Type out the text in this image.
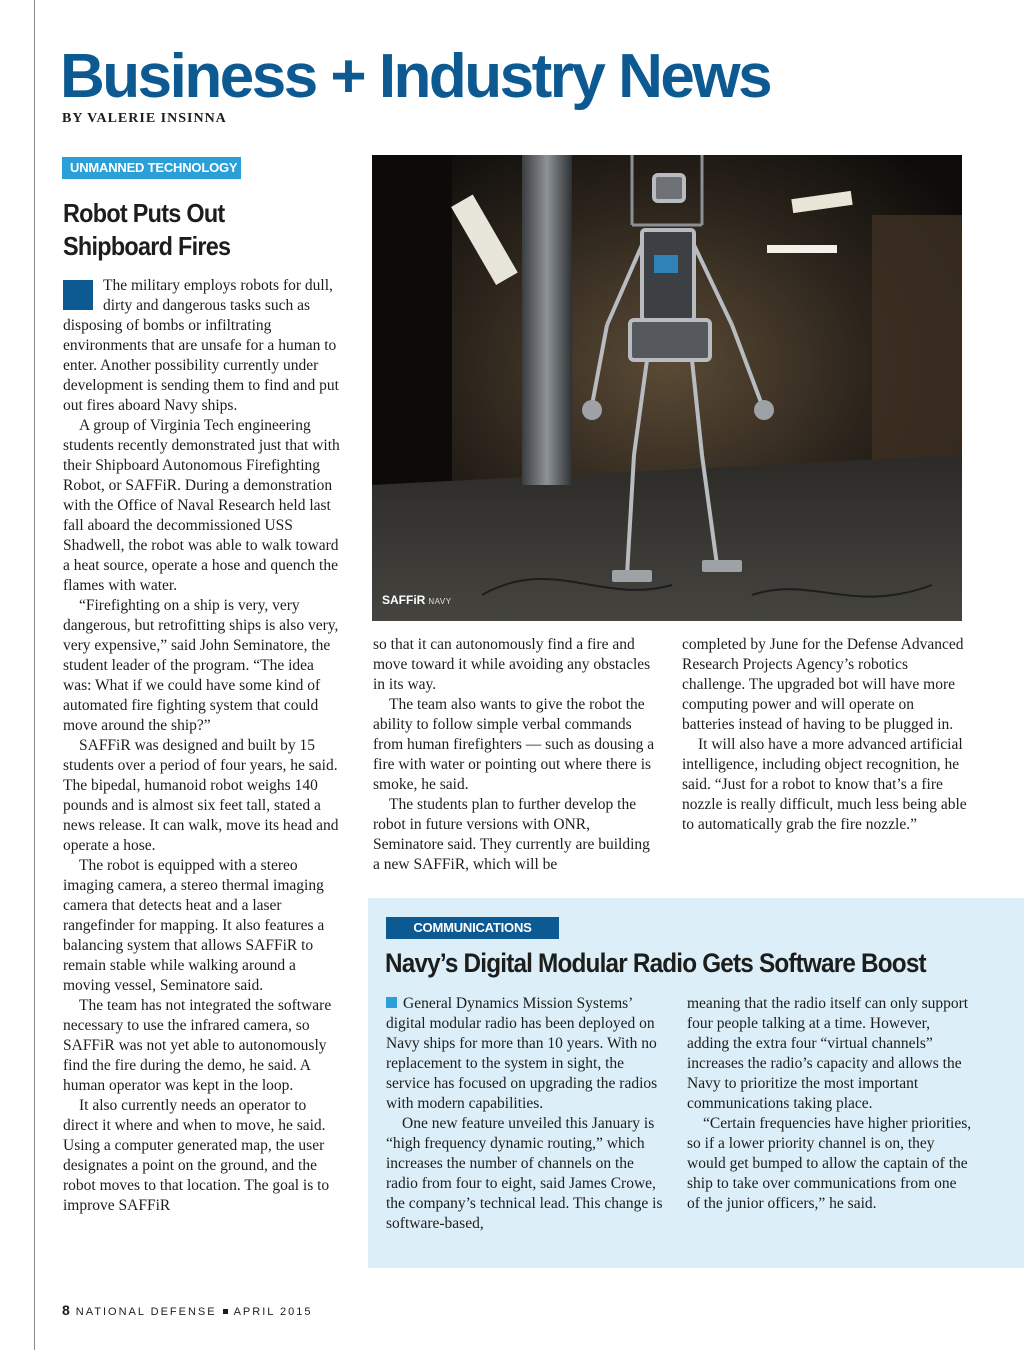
Business + Industry News
BY VALERIE INSINNA
UNMANNED TECHNOLOGY
Robot Puts Out Shipboard Fires

The military employs robots for dull, dirty and dangerous tasks such as disposing of bombs or infiltrating environments that are unsafe for a human to enter. Another possibility currently under development is sending them to find and put out fires aboard Navy ships.

A group of Virginia Tech engineering students recently demonstrated just that with their Shipboard Autonomous Firefighting Robot, or SAFFiR. During a demonstration with the Office of Naval Research held last fall aboard the decommissioned USS Shadwell, the robot was able to walk toward a heat source, operate a hose and quench the flames with water.

“Firefighting on a ship is very, very dangerous, but retrofitting ships is also very, very expensive,” said John Seminatore, the student leader of the program. “The idea was: What if we could have some kind of automated fire fighting system that could move around the ship?”

SAFFiR was designed and built by 15 students over a period of four years, he said. The bipedal, humanoid robot weighs 140 pounds and is almost six feet tall, stated a news release. It can walk, move its head and operate a hose.

The robot is equipped with a stereo imaging camera, a stereo thermal imaging camera that detects heat and a laser rangefinder for mapping. It also features a balancing system that allows SAFFiR to remain stable while walking around a moving vessel, Seminatore said.

The team has not integrated the software necessary to use the infrared camera, so SAFFiR was not yet able to autonomously find the fire during the demo, he said. A human operator was kept in the loop.

It also currently needs an operator to direct it where and when to move, he said. Using a computer generated map, the user designates a point on the ground, and the robot moves to that location. The goal is to improve SAFFiR

SAFFiR NAVY

so that it can autonomously find a fire and move toward it while avoiding any obstacles in its way.

The team also wants to give the robot the ability to follow simple verbal commands from human firefighters — such as dousing a fire with water or pointing out where there is smoke, he said.

The students plan to further develop the robot in future versions with ONR, Seminatore said. They currently are building a new SAFFiR, which will be

completed by June for the Defense Advanced Research Projects Agency’s robotics challenge. The upgraded bot will have more computing power and will operate on batteries instead of having to be plugged in.

It will also have a more advanced artificial intelligence, including object recognition, he said. “Just for a robot to know that’s a fire nozzle is really difficult, much less being able to automatically grab the fire nozzle.”

COMMUNICATIONS
Navy’s Digital Modular Radio Gets Software Boost

General Dynamics Mission Systems’ digital modular radio has been deployed on Navy ships for more than 10 years. With no replacement to the system in sight, the service has focused on upgrading the radios with modern capabilities.

One new feature unveiled this January is “high frequency dynamic routing,” which increases the number of channels on the radio from four to eight, said James Crowe, the company’s technical lead. This change is software-based,

meaning that the radio itself can only support four people talking at a time. However, adding the extra four “virtual channels” increases the radio’s capacity and allows the Navy to prioritize the most important communications taking place.

“Certain frequencies have higher priorities, so if a lower priority channel is on, they would get bumped to allow the captain of the ship to take over communications from one of the junior officers,” he said.

8 NATIONAL DEFENSE APRIL 2015
